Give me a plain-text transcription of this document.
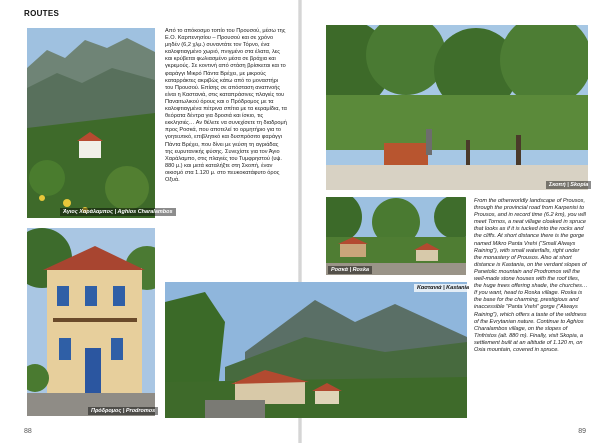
ROUTES
Άγιος Χαράλαμπος | Aghios Charalambos
Πρόδρομος | Prodromos
Από το απόκοσμο τοπίο του Προυσού, μέσω της Ε.Ο. Καρπενησίου – Προυσού και σε χρόνο μηδέν (6,2 χλμ.) συναντάτε τον Τόρνο, ένα καλοφτιαγμένο χωριό, πνιγμένο στα έλατα, λες και κρύβεται φωλιασμένο μέσα σε βράχια και γκρεμούς. Σε κοντινή από στάση βρίσκεται και το φαράγγι Μικρό Πάντα Βρέχει, με μικρούς καταρράκτες ακριβώς κάτω από το μοναστήρι του Προυσού. Επίσης σε απόσταση αναπνοής είναι η Καστανιά, στις καταπράσινες πλαγιές του Παναιτωλικού όρους και ο Πρόδρομος με τα καλοφτιαγμένα πέτρινα σπίτια με τα κεραμίδια, τα θεόρατα δέντρα για δροσιά και ίσκιο, τις εκκλησιές… Αν θέλετε να συνεχίσετε τη διαδρομή προς Ροσκά, που αποτελεί το ορμητήριο για το γοητευτικό, επιβλητικό και δυσπρόσιτο φαράγγι Πάντα Βρέχει, που δίνει με γεύση τη αγριάδας της ευρυτανικής φύσης. Συνεχίστε για τον Άγιο Χαράλαμπο, στις πλαγιές του Τυμφρηστού (υψ. 880 μ.) και μετά καταλήξτε στη Σκοπή, έναν οικισμό στα 1.120 μ. στο πευκοκατάφυτο όρος Οξυά.
Καστανιά | Kastania
Σκοπή | Skopia
Ροσκά | Roska
From the otherworldly landscape of Prousos, through the provincial road from Karpenisi to Prousos, and in record time (6.2 km), you will meet Tornos, a neat village cloaked in spruce that looks as if it is tucked into the rocks and the cliffs. At short distance there is the gorge named Mikro Panta Vrehi (“Small Always Raining”), with small waterfalls, right under the monastery of Prousos. Also at short distance is Kastania, on the verdant slopes of Panetolic mountain and Prodromos will the well-made stone houses with the roof tiles, the huge trees offering shade, the churches… If you want, head to Roska village. Roska is the base for the charming, prestigious and inaccessible “Panta Vrehi” gorge (“Always Raining”), which offers a taste of the wildness of the Evrytanian nature. Continue to Aghios Charalambos village, on the slopes of Tinfristos (alt. 880 m). Finally, visit Skopia, a settlement built at an altitude of 1.120 m, on Oxia mountain, covered in spruce.
88	89
